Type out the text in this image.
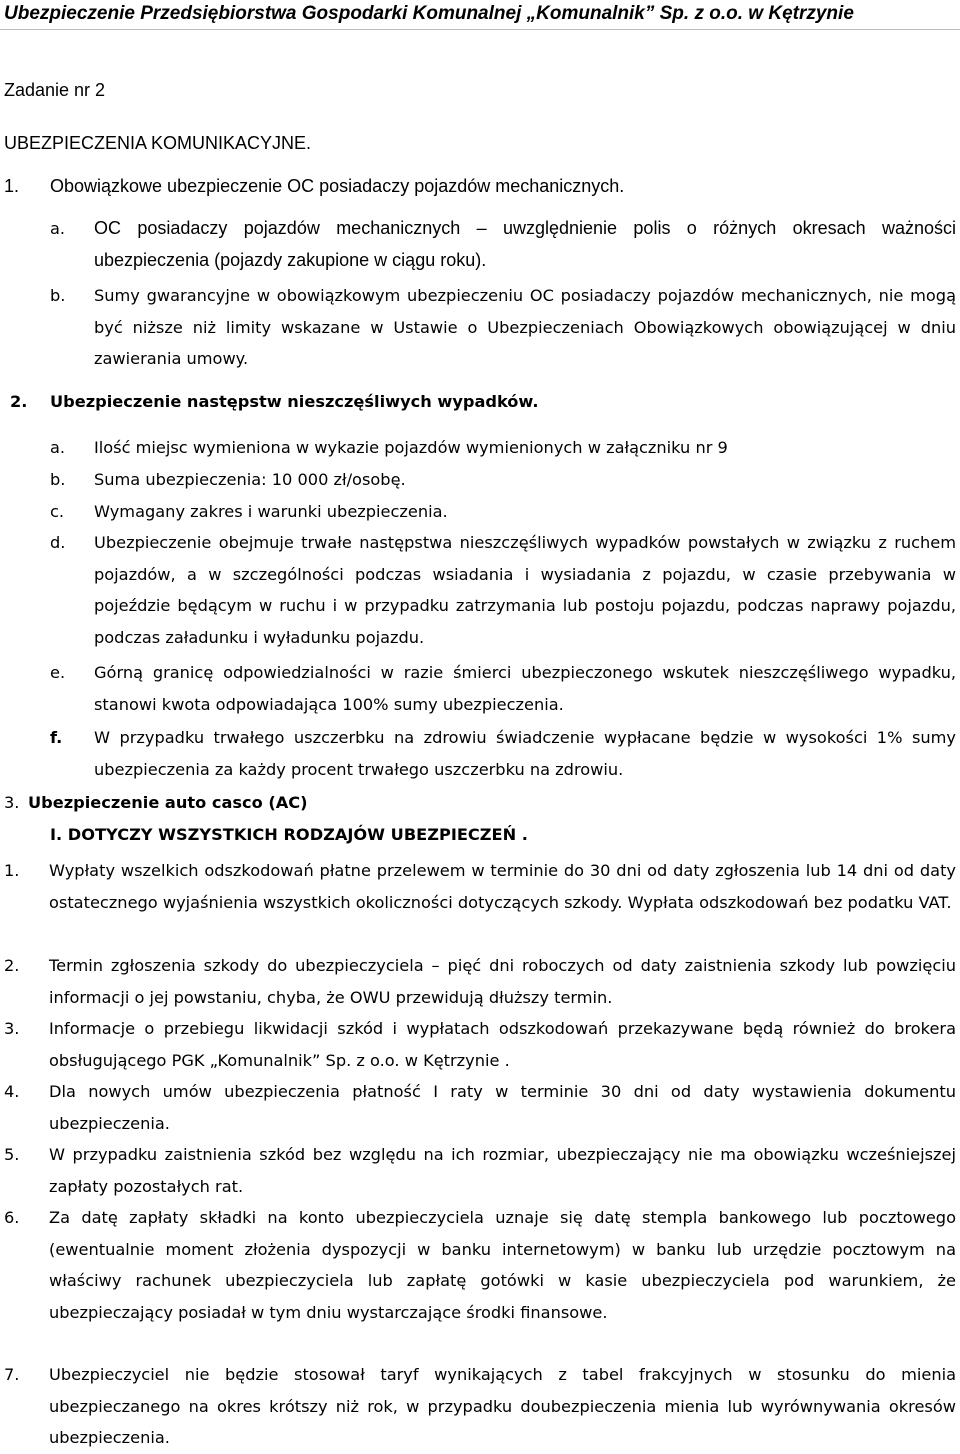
Ubezpieczenie Przedsiębiorstwa Gospodarki Komunalnej „Komunalnik” Sp. z o.o. w Kętrzynie
Zadanie nr 2
UBEZPIECZENIA KOMUNIKACYJNE.
1. Obowiązkowe ubezpieczenie OC posiadaczy pojazdów mechanicznych.
a. OC posiadaczy pojazdów mechanicznych – uwzględnienie polis o różnych okresach ważności ubezpieczenia (pojazdy zakupione w ciągu roku).
b. Sumy gwarancyjne w obowiązkowym ubezpieczeniu OC posiadaczy pojazdów mechanicznych, nie mogą być niższe niż limity wskazane w Ustawie o Ubezpieczeniach Obowiązkowych obowiązującej w dniu zawierania umowy.
2. Ubezpieczenie następstw nieszczęśliwych wypadków.
a. Ilość miejsc wymieniona w wykazie pojazdów wymienionych w załączniku nr 9
b. Suma ubezpieczenia: 10 000 zł/osobę.
c. Wymagany zakres i warunki ubezpieczenia.
d. Ubezpieczenie obejmuje trwałe następstwa nieszczęśliwych wypadków powstałych w związku z ruchem pojazdów, a w szczególności podczas wsiadania i wysiadania z pojazdu, w czasie przebywania w pojeździe będącym w ruchu i w przypadku zatrzymania lub postoju pojazdu, podczas naprawy pojazdu, podczas załadunku i wyładunku pojazdu.
e. Górną granicę odpowiedzialności w razie śmierci ubezpieczonego wskutek nieszczęśliwego wypadku, stanowi kwota odpowiadająca 100% sumy ubezpieczenia.
f. W przypadku trwałego uszczerbku na zdrowiu świadczenie wypłacane będzie w wysokości 1% sumy ubezpieczenia za każdy procent trwałego uszczerbku na zdrowiu.
3. Ubezpieczenie auto casco (AC)
I. DOTYCZY WSZYSTKICH RODZAJÓW UBEZPIECZEŃ .
1. Wypłaty wszelkich odszkodowań płatne przelewem w terminie do 30 dni od daty zgłoszenia lub 14 dni od daty ostatecznego wyjaśnienia wszystkich okoliczności dotyczących szkody. Wypłata odszkodowań bez podatku VAT.
2. Termin zgłoszenia szkody do ubezpieczyciela – pięć dni roboczych od daty zaistnienia szkody lub powzięciu informacji o jej powstaniu, chyba, że OWU przewidują dłuższy termin.
3. Informacje o przebiegu likwidacji szkód i wypłatach odszkodowań przekazywane będą również do brokera obsługującego PGK „Komunalnik” Sp. z o.o. w Kętrzynie .
4. Dla nowych umów ubezpieczenia płatność I raty w terminie 30 dni od daty wystawienia dokumentu ubezpieczenia.
5. W przypadku zaistnienia szkód bez względu na ich rozmiar, ubezpieczający nie ma obowiązku wcześniejszej zapłaty pozostałych rat.
6. Za datę zapłaty składki na konto ubezpieczyciela uznaje się datę stempla bankowego lub pocztowego (ewentualnie moment złożenia dyspozycji w banku internetowym) w banku lub urzędzie pocztowym na właściwy rachunek ubezpieczyciela lub zapłatę gotówki w kasie ubezpieczyciela pod warunkiem, że ubezpieczający posiadał w tym dniu wystarczające środki finansowe.
7. Ubezpieczyciel nie będzie stosował taryf wynikających z tabel frakcyjnych w stosunku do mienia ubezpieczanego na okres krótszy niż rok, w przypadku doubezpieczenia mienia lub wyrównywania okresów ubezpieczenia.
